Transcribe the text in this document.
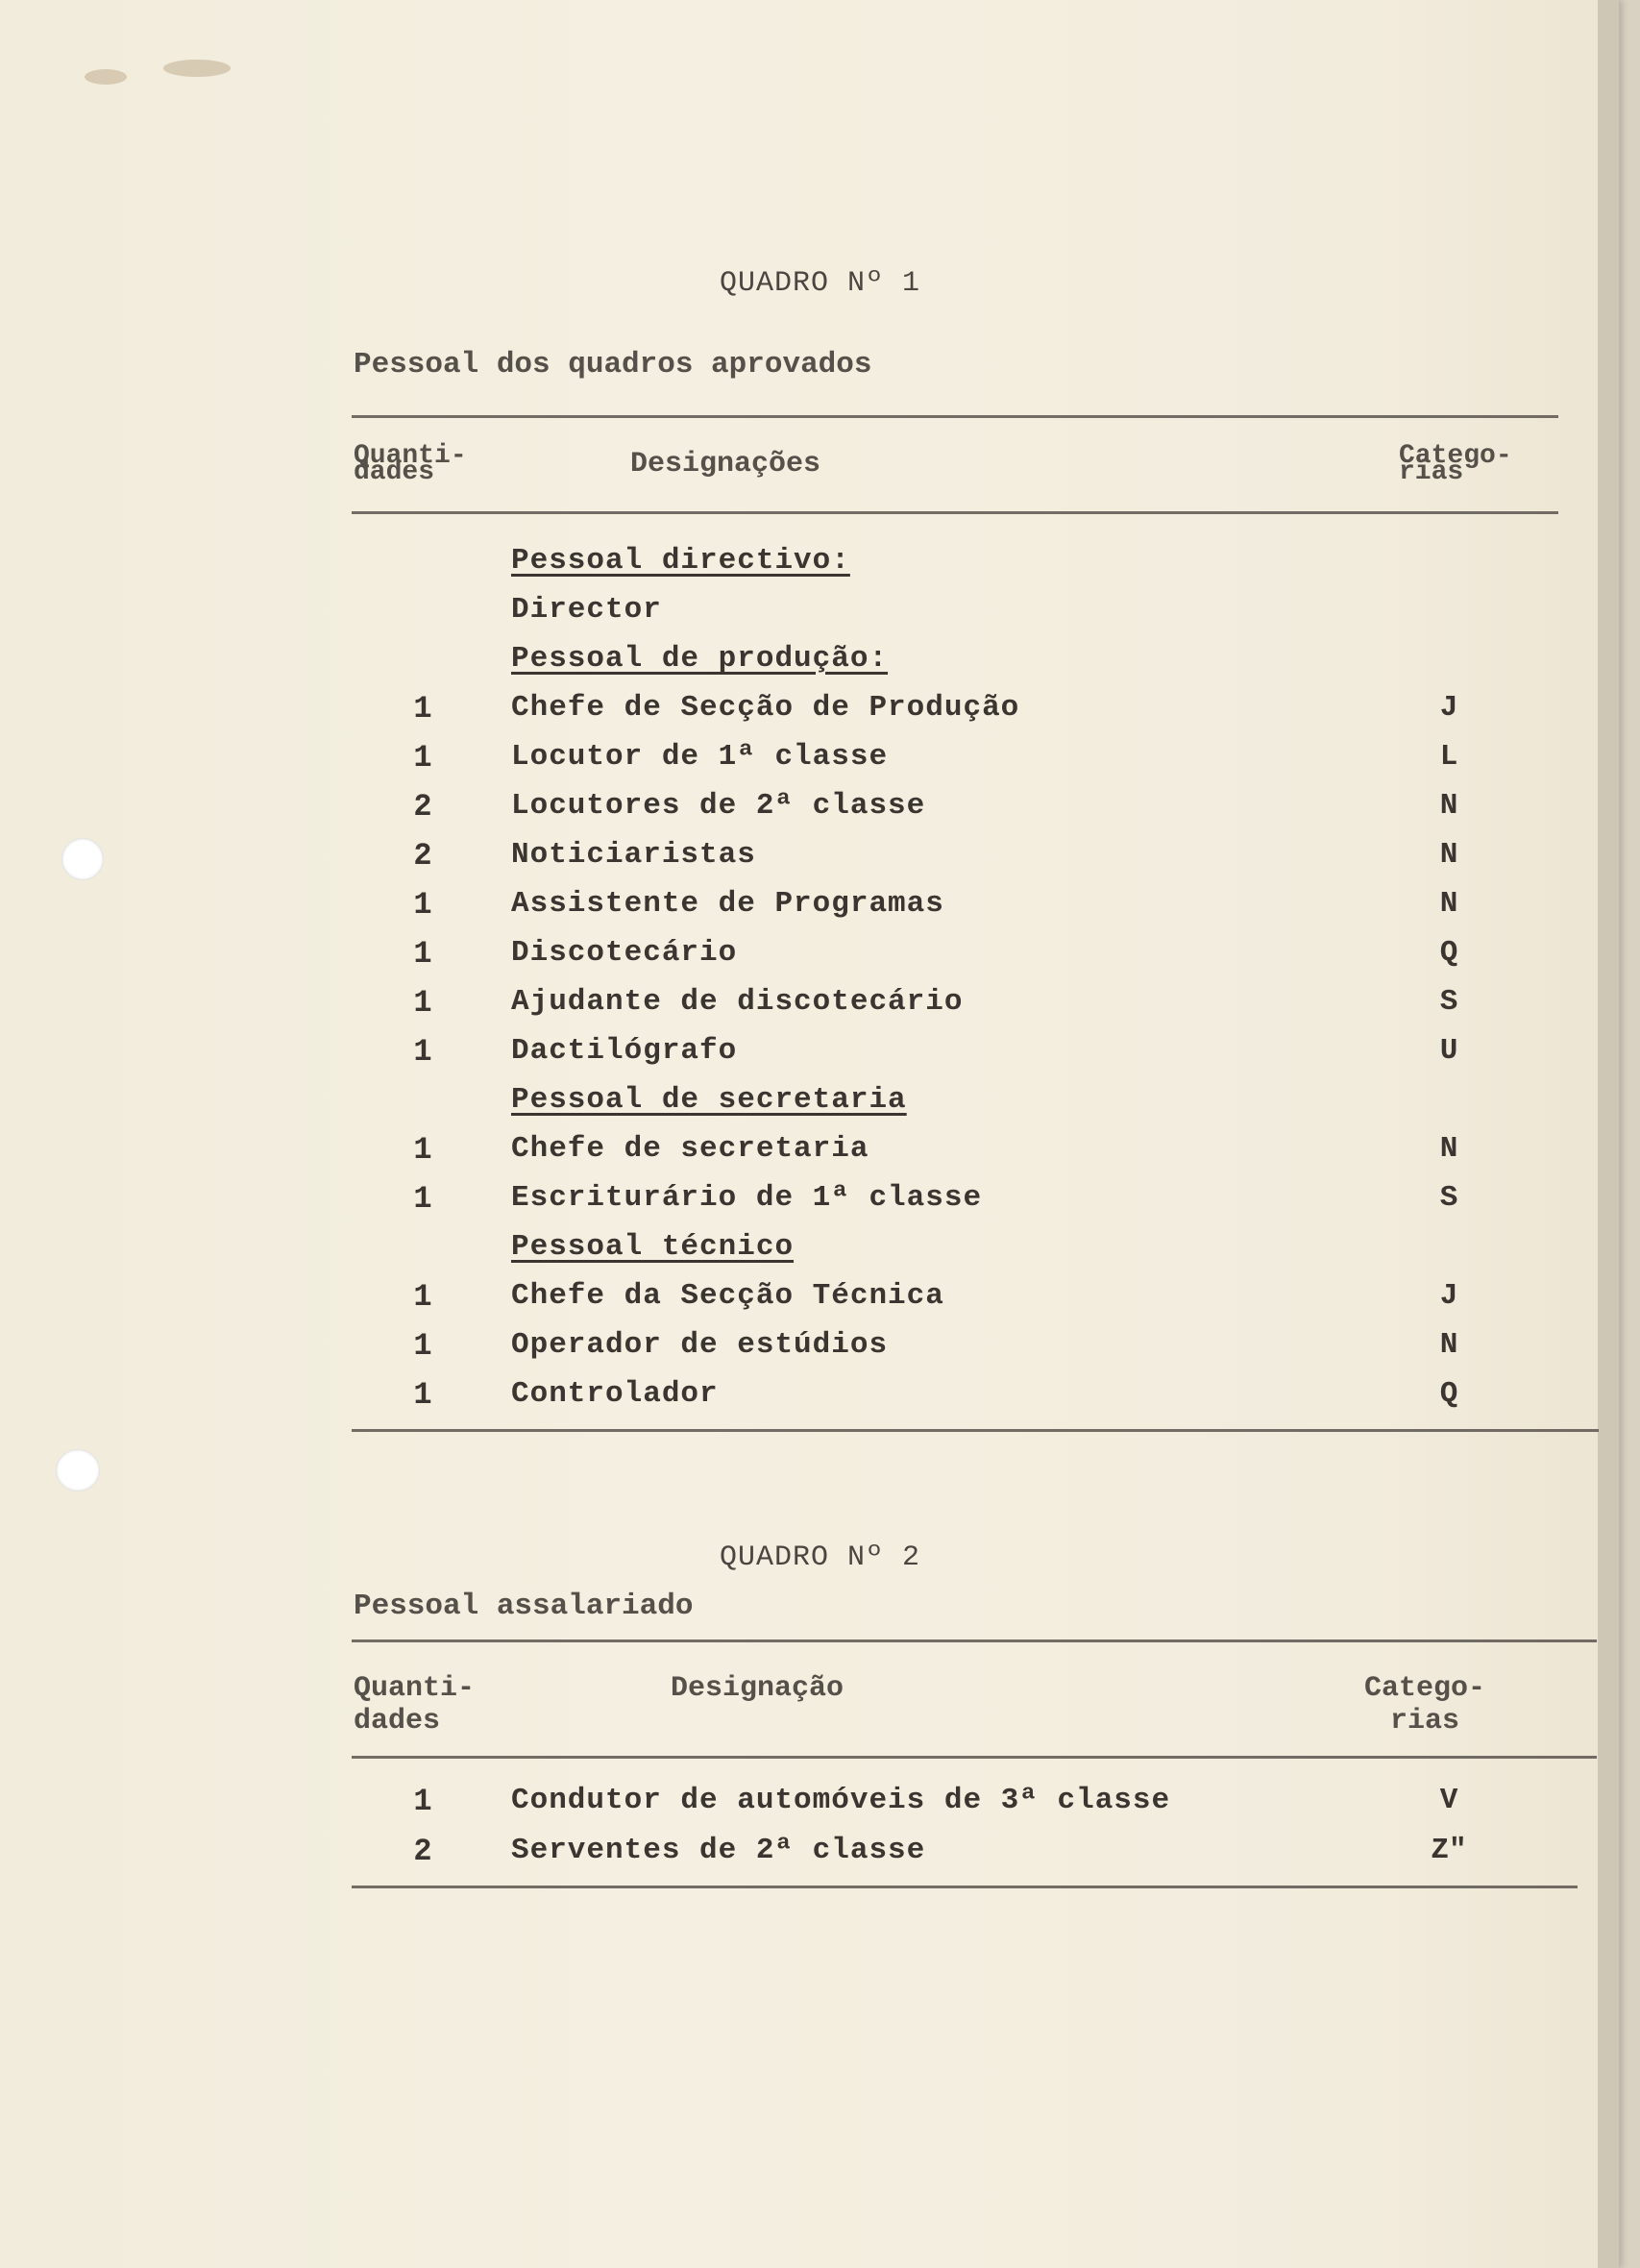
QUADRO Nº 1
Pessoal dos quadros aprovados
Quanti-
dades	Designações	Catego-
rias
Pessoal directivo:
Director
Pessoal de produção:
1	Chefe de Secção de Produção	J
1	Locutor de 1ª classe	L
2	Locutores de 2ª classe	N
2	Noticiaristas	N
1	Assistente de Programas	N
1	Discotecário	Q
1	Ajudante de discotecário	S
1	Dactilógrafo	U
Pessoal de secretaria
1	Chefe de secretaria	N
1	Escriturário de 1ª classe	S
Pessoal técnico
1	Chefe da Secção Técnica	J
1	Operador de estúdios	N
1	Controlador	Q
QUADRO Nº 2
Pessoal assalariado
Quanti-
dades
Designação	Catego-
rias
1	Condutor de automóveis de 3ª classe	V
2	Serventes de 2ª classe	Z"
